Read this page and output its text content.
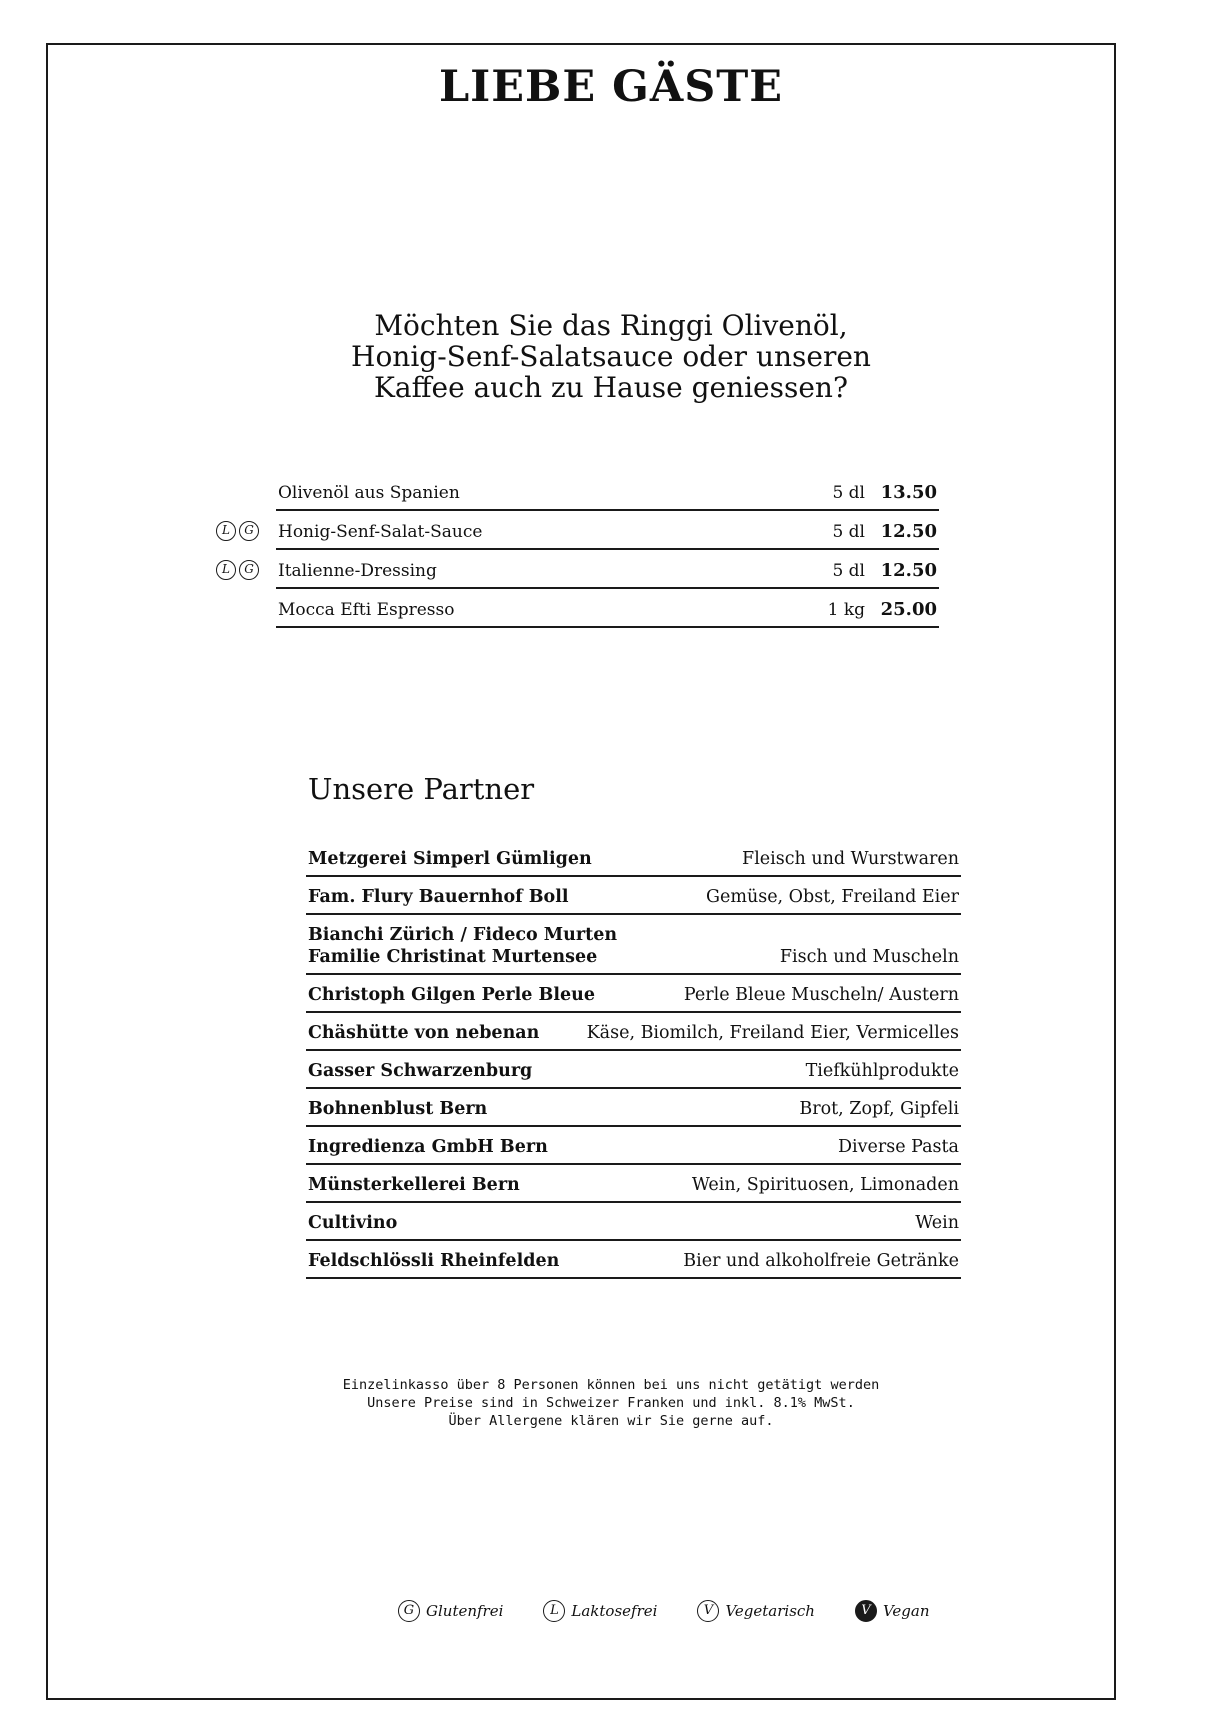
LIEBE GÄSTE
Möchten Sie das Ringgi Olivenöl,
Honig-Senf-Salatsauce oder unseren
Kaffee auch zu Hause geniessen?
Olivenöl aus Spanien	5 dl 13.50
L	G	Honig-Senf-Salat-Sauce	5 dl 12.50
L	G	Italienne-Dressing	5 dl 12.50
Mocca Efti Espresso	1 kg 25.00
Unsere Partner
Metzgerei Simperl Gümligen	Fleisch und Wurstwaren
Fam. Flury Bauernhof Boll	Gemüse, Obst, Freiland Eier
Bianchi Zürich / Fideco Murten
Familie Christinat Murtensee	Fisch und Muscheln
Christoph Gilgen Perle Bleue	Perle Bleue Muscheln/ Austern
Chäshütte von nebenan	Käse, Biomilch, Freiland Eier, Vermicelles
Gasser Schwarzenburg	Tiefkühlprodukte
Bohnenblust Bern	Brot, Zopf, Gipfeli
Ingredienza GmbH Bern	Diverse Pasta
Münsterkellerei Bern	Wein, Spirituosen, Limonaden
Cultivino	Wein
Feldschlössli Rheinfelden	Bier und alkoholfreie Getränke
Einzelinkasso über 8 Personen können bei uns nicht getätigt werden
Unsere Preise sind in Schweizer Franken und inkl. 8.1% MwSt.
Über Allergene klären wir Sie gerne auf.
G Glutenfrei	L Laktosefrei	V Vegetarisch	V Vegan
